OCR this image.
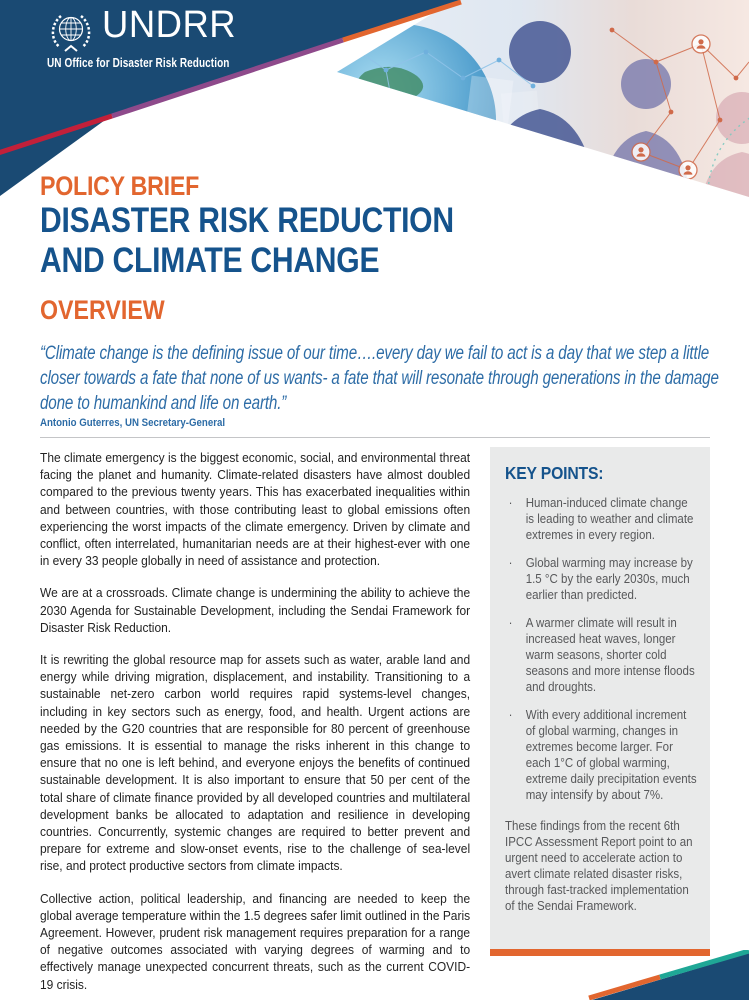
UNDRR
UN Office for Disaster Risk Reduction
POLICY BRIEF
DISASTER RISK REDUCTION
AND CLIMATE CHANGE
OVERVIEW
“Climate change is the defining issue of our time….every day we fail to act is a day that we step a little closer towards a fate that none of us wants- a fate that will resonate through generations in the damage done to humankind and life on earth.”
Antonio Guterres, UN Secretary-General

The climate emergency is the biggest economic, social, and environmental threat facing the planet and humanity. Climate-related disasters have almost doubled compared to the previous twenty years. This has exacerbated inequalities within and between countries, with those contributing least to global emissions often experiencing the worst impacts of the climate emergency. Driven by climate and conflict, often interrelated, humanitarian needs are at their highest-ever with one in every 33 people globally in need of assistance and protection.

We are at a crossroads. Climate change is undermining the ability to achieve the 2030 Agenda for Sustainable Development, including the Sendai Framework for Disaster Risk Reduction.

It is rewriting the global resource map for assets such as water, arable land and energy while driving migration, displacement, and instability. Transitioning to a sustainable net-zero carbon world requires rapid systems-level changes, including in key sectors such as energy, food, and health. Urgent actions are needed by the G20 countries that are responsible for 80 percent of greenhouse gas emissions. It is essential to manage the risks inherent in this change to ensure that no one is left behind, and everyone enjoys the benefits of continued sustainable development. It is also important to ensure that 50 per cent of the total share of climate finance provided by all developed countries and multilateral development banks be allocated to adaptation and resilience in developing countries. Concurrently, systemic changes are required to better prevent and prepare for extreme and slow-onset events, rise to the challenge of sea-level rise, and protect productive sectors from climate impacts.

Collective action, political leadership, and financing are needed to keep the global average temperature within the 1.5 degrees safer limit outlined in the Paris Agreement. However, prudent risk management requires preparation for a range of negative outcomes associated with varying degrees of warming and to effectively manage unexpected concurrent threats, such as the current COVID-19 crisis.

KEY POINTS:
· Human-induced climate change is leading to weather and climate extremes in every region.
· Global warming may increase by 1.5 °C by the early 2030s, much earlier than predicted.
· A warmer climate will result in increased heat waves, longer warm seasons, shorter cold seasons and more intense floods and droughts.
· With every additional increment of global warming, changes in extremes become larger. For each 1°C of global warming, extreme daily precipitation events may intensify by about 7%.
These findings from the recent 6th IPCC Assessment Report point to an urgent need to accelerate action to avert climate related disaster risks, through fast-tracked implementation of the Sendai Framework.
